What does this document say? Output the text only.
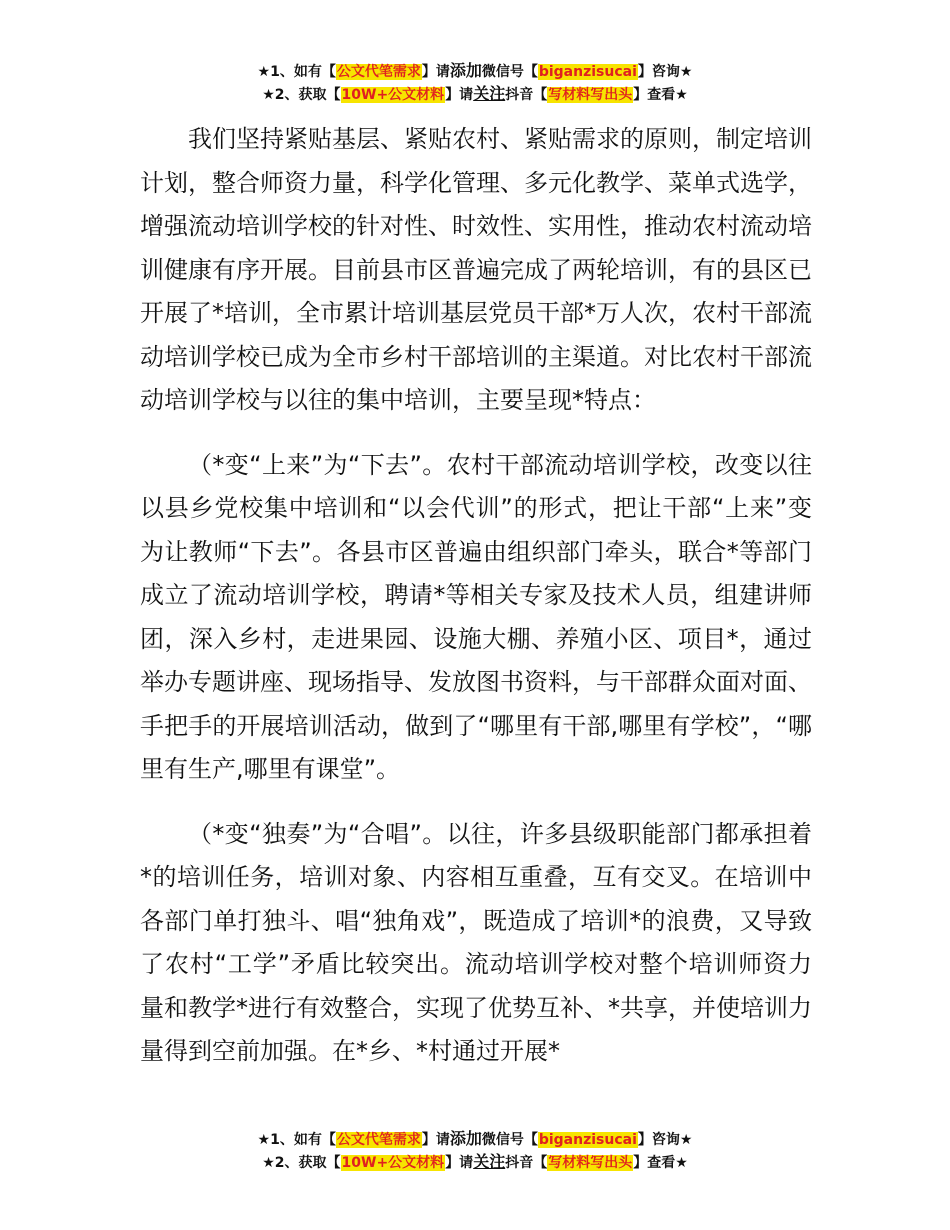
★1、如有【公文代笔需求】请添加微信号【biganzisucai】咨询★
★2、获取【10W+公文材料】请关注抖音【写材料写出头】查看★

我们坚持紧贴基层、紧贴农村、紧贴需求的原则，制定培训计划，整合师资力量，科学化管理、多元化教学、菜单式选学，增强流动培训学校的针对性、时效性、实用性，推动农村流动培训健康有序开展。目前县市区普遍完成了两轮培训，有的县区已开展了*培训，全市累计培训基层党员干部*万人次，农村干部流动培训学校已成为全市乡村干部培训的主渠道。对比农村干部流动培训学校与以往的集中培训，主要呈现*特点：

（*变“上来”为“下去”。农村干部流动培训学校，改变以往以县乡党校集中培训和“以会代训”的形式，把让干部“上来”变为让教师“下去”。各县市区普遍由组织部门牵头，联合*等部门成立了流动培训学校，聘请*等相关专家及技术人员，组建讲师团，深入乡村，走进果园、设施大棚、养殖小区、项目*，通过举办专题讲座、现场指导、发放图书资料，与干部群众面对面、手把手的开展培训活动，做到了“哪里有干部,哪里有学校”，“哪里有生产,哪里有课堂”。

（*变“独奏”为“合唱”。以往，许多县级职能部门都承担着*的培训任务，培训对象、内容相互重叠，互有交叉。在培训中各部门单打独斗、唱“独角戏”，既造成了培训*的浪费，又导致了农村“工学”矛盾比较突出。流动培训学校对整个培训师资力量和教学*进行有效整合，实现了优势互补、*共享，并使培训力量得到空前加强。在*乡、*村通过开展*

★1、如有【公文代笔需求】请添加微信号【biganzisucai】咨询★
★2、获取【10W+公文材料】请关注抖音【写材料写出头】查看★
